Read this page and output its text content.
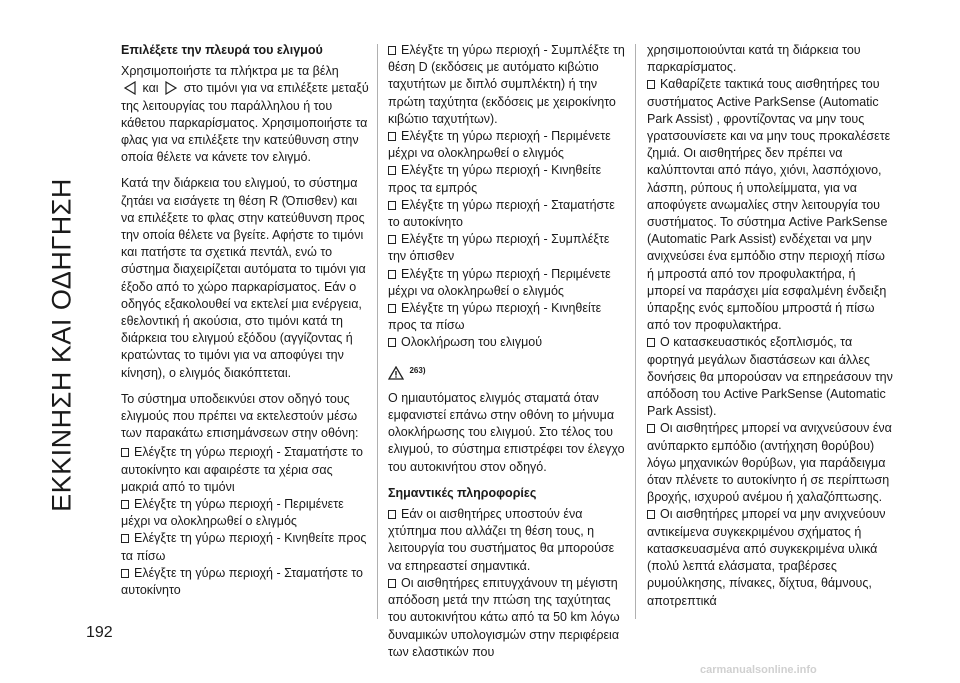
ΕΚΚΙΝΗΣΗ ΚΑΙ ΟΔΗΓΗΣΗ
192
Επιλέξετε την πλευρά του ελιγμού

Χρησιμοποιήστε τα πλήκτρα με τα βέλη
και στο τιμόνι για να επιλέξετε μεταξύ της λειτουργίας του παράλληλου ή του κάθετου παρκαρίσματος. Χρησιμοποιήστε τα φλας για να επιλέξετε την κατεύθυνση στην οποία θέλετε να κάνετε τον ελιγμό.

Κατά την διάρκεια του ελιγμού, το σύστημα ζητάει να εισάγετε τη θέση R (Όπισθεν) και να επιλέξετε το φλας στην κατεύθυνση προς την οποία θέλετε να βγείτε. Αφήστε το τιμόνι και πατήστε τα σχετικά πεντάλ, ενώ το σύστημα διαχειρίζεται αυτόματα το τιμόνι για έξοδο από το χώρο παρκαρίσματος. Εάν ο οδηγός εξακολουθεί να εκτελεί μια ενέργεια, εθελοντική ή ακούσια, στο τιμόνι κατά τη διάρκεια του ελιγμού εξόδου (αγγίζοντας ή κρατώντας το τιμόνι για να αποφύγει την κίνηση), ο ελιγμός διακόπτεται.

Το σύστημα υποδεικνύει στον οδηγό τους ελιγμούς που πρέπει να εκτελεστούν μέσω των παρακάτω επισημάνσεων στην οθόνη:

Ελέγξτε τη γύρω περιοχή - Σταματήστε το αυτοκίνητο και αφαιρέστε τα χέρια σας μακριά από το τιμόνι
Ελέγξτε τη γύρω περιοχή - Περιμένετε μέχρι να ολοκληρωθεί ο ελιγμός
Ελέγξτε τη γύρω περιοχή - Κινηθείτε προς τα πίσω
Ελέγξτε τη γύρω περιοχή - Σταματήστε το αυτοκίνητο
Ελέγξτε τη γύρω περιοχή - Συμπλέξτε τη θέση D (εκδόσεις με αυτόματο κιβώτιο ταχυτήτων με διπλό συμπλέκτη) ή την πρώτη ταχύτητα (εκδόσεις με χειροκίνητο κιβώτιο ταχυτήτων).
Ελέγξτε τη γύρω περιοχή - Περιμένετε μέχρι να ολοκληρωθεί ο ελιγμός
Ελέγξτε τη γύρω περιοχή - Κινηθείτε προς τα εμπρός
Ελέγξτε τη γύρω περιοχή - Σταματήστε το αυτοκίνητο
Ελέγξτε τη γύρω περιοχή - Συμπλέξτε την όπισθεν
Ελέγξτε τη γύρω περιοχή - Περιμένετε μέχρι να ολοκληρωθεί ο ελιγμός
Ελέγξτε τη γύρω περιοχή - Κινηθείτε προς τα πίσω
Ολοκλήρωση του ελιγμού
$^{263)}$

Ο ημιαυτόματος ελιγμός σταματά όταν εμφανιστεί επάνω στην οθόνη το μήνυμα ολοκλήρωσης του ελιγμού. Στο τέλος του ελιγμού, το σύστημα επιστρέφει τον έλεγχο του αυτοκινήτου στον οδηγό.

Σημαντικές πληροφορίες
Εάν οι αισθητήρες υποστούν ένα χτύπημα που αλλάζει τη θέση τους, η λειτουργία του συστήματος θα μπορούσε να επηρεαστεί σημαντικά.
Οι αισθητήρες επιτυγχάνουν τη μέγιστη απόδοση μετά την πτώση της ταχύτητας του αυτοκινήτου κάτω από τα 50 km λόγω δυναμικών υπολογισμών στην περιφέρεια των ελαστικών που
χρησιμοποιούνται κατά τη διάρκεια του παρκαρίσματος.
Καθαρίζετε τακτικά τους αισθητήρες του συστήματος Active ParkSense (Automatic Park Assist) , φροντίζοντας να μην τους γρατσουνίσετε και να μην τους προκαλέσετε ζημιά. Οι αισθητήρες δεν πρέπει να καλύπτονται από πάγο, χιόνι, λασπόχιονο, λάσπη, ρύπους ή υπολείμματα, για να αποφύγετε ανωμαλίες στην λειτουργία του συστήματος. Το σύστημα Active ParkSense (Automatic Park Assist) ενδέχεται να μην ανιχνεύσει ένα εμπόδιο στην περιοχή πίσω ή μπροστά από τον προφυλακτήρα, ή μπορεί να παράσχει μία εσφαλμένη ένδειξη ύπαρξης ενός εμποδίου μπροστά ή πίσω από τον προφυλακτήρα.
Ο κατασκευαστικός εξοπλισμός, τα φορτηγά μεγάλων διαστάσεων και άλλες δονήσεις θα μπορούσαν να επηρεάσουν την απόδοση του Active ParkSense (Automatic Park Assist).
Οι αισθητήρες μπορεί να ανιχνεύσουν ένα ανύπαρκτο εμπόδιο (αντήχηση θορύβου) λόγω μηχανικών θορύβων, για παράδειγμα όταν πλένετε το αυτοκίνητο ή σε περίπτωση βροχής, ισχυρού ανέμου ή χαλαζόπτωσης.
Οι αισθητήρες μπορεί να μην ανιχνεύουν αντικείμενα συγκεκριμένου σχήματος ή κατασκευασμένα από συγκεκριμένα υλικά (πολύ λεπτά ελάσματα, τραβέρσες ρυμούλκησης, πίνακες, δίχτυα, θάμνους, αποτρεπτικά
carmanualsonline.info
